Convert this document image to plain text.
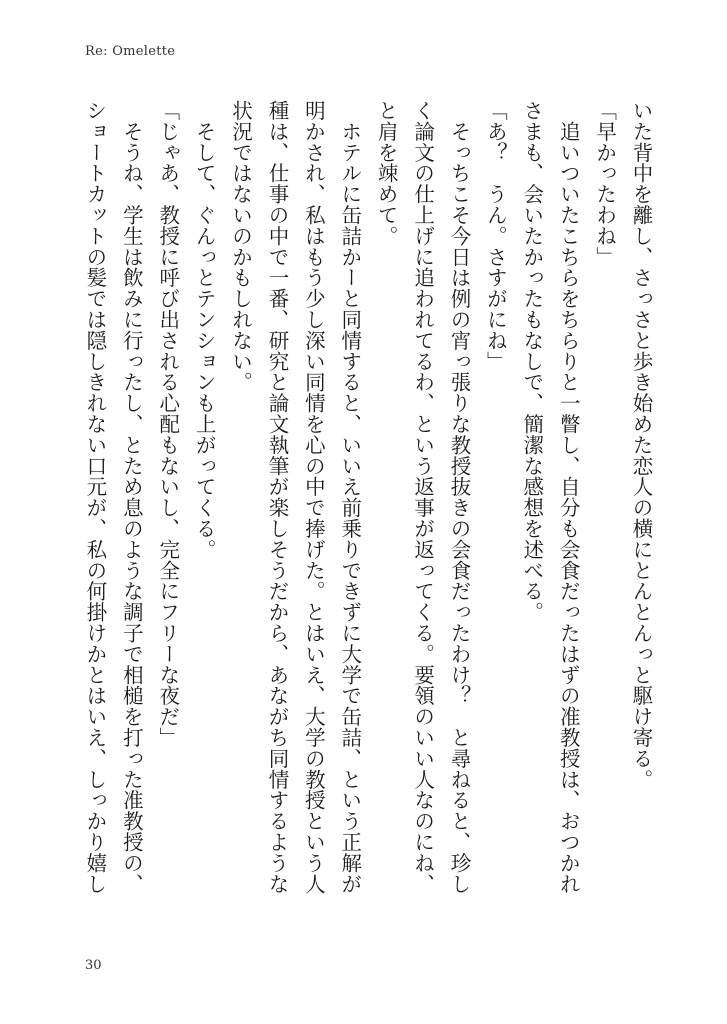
Re: Omelette

いた背中を離し、さっさと歩き始めた恋人の横にとんとんっと駆け寄る。

「早かったわね」

　追いついたこちらをちらりと一瞥し、自分も会食だったはずの准教授は、おつかれ

さまも、会いたかったもなしで、簡潔な感想を述べる。

「あ？　うん。さすがにね」

　そっちこそ今日は例の宵っ張りな教授抜きの会食だったわけ？　と尋ねると、珍し

く論文の仕上げに追われてるわ、という返事が返ってくる。要領のいい人なのにね、

と肩を竦めて。

　ホテルに缶詰かーと同情すると、いいえ前乗りできずに大学で缶詰、という正解が

明かされ、私はもう少し深い同情を心の中で捧げた。とはいえ、大学の教授という人

種は、仕事の中で一番、研究と論文執筆が楽しそうだから、あながち同情するような

状況ではないのかもしれない。

　そして、ぐんっとテンションも上がってくる。

「じゃあ、教授に呼び出される心配もないし、完全にフリーな夜だ」

　そうね、学生は飲みに行ったし、とため息のような調子で相槌を打った准教授の、

ショートカットの髪では隠しきれない口元が、私の何掛けかとはいえ、しっかり嬉し

30
